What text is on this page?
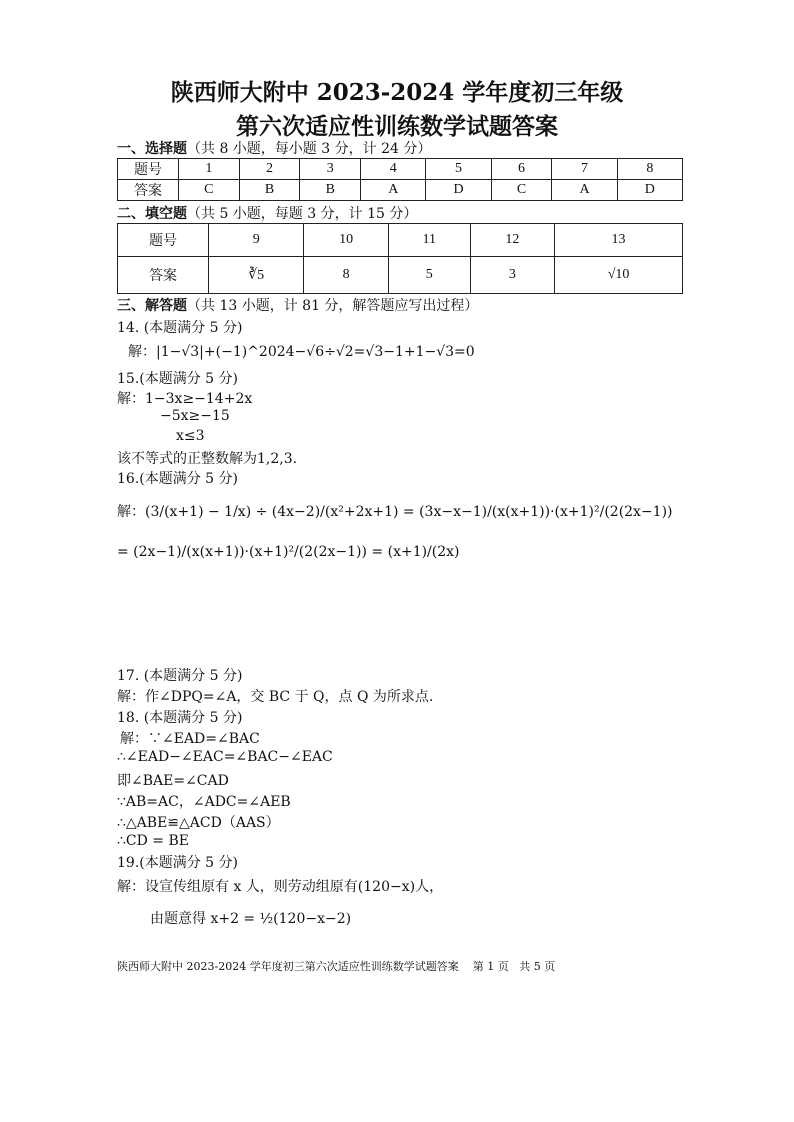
陕西师大附中 2023-2024 学年度初三年级
第六次适应性训练数学试题答案
一、选择题（共 8 小题，每小题 3 分，计 24 分）
题号	1	2	3	4	5	6	7	8
答案	C	B	B	A	D	C	A	D
二、填空题（共 5 小题，每题 3 分，计 15 分）
题号	9	10	11	12	13
答案	∛5	8	5	3	√10
三、解答题（共 13 小题，计 81 分，解答题应写出过程）
14. (本题满分 5 分)
解：|1−√3|+(−1)^2024−√6÷√2=√3−1+1−√3=0
15.(本题满分 5 分)
解：1−3x≥−14+2x
−5x≥−15
x≤3
该不等式的正整数解为1,2,3.
16.(本题满分 5 分)
解：(3/(x+1) − 1/x) ÷ (4x−2)/(x²+2x+1) = (3x−x−1)/(x(x+1))·(x+1)²/(2(2x−1)) = (2x−1)/(x(x+1))·(x+1)²/(2(2x−1)) = (x+1)/(2x)
17. (本题满分 5 分)
解：作∠DPQ=∠A，交 BC 于 Q，点 Q 为所求点.
18. (本题满分 5 分)
解：∵∠EAD=∠BAC
∴∠EAD−∠EAC=∠BAC−∠EAC
即∠BAE=∠CAD
∵AB=AC，∠ADC=∠AEB
∴△ABE≌△ACD（AAS）
∴CD = BE
19.(本题满分 5 分)
解：设宣传组原有 x 人，则劳动组原有(120−x)人，
由题意得 x+2 = ½(120−x−2)
陕西师大附中 2023-2024 学年度初三第六次适应性训练数学试题答案 第 1 页 共 5 页
